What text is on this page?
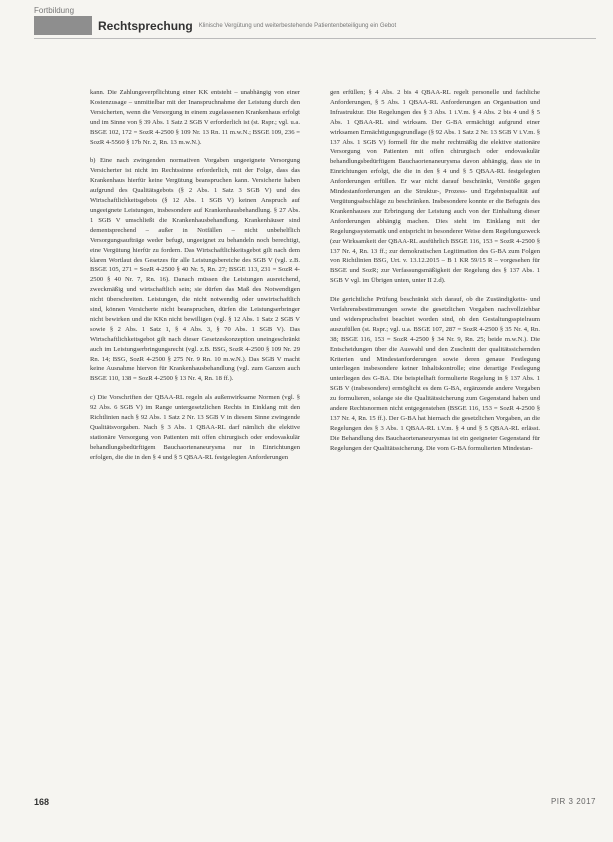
Fortbildung
Rechtsprechung Klinische Vergütung und weiterbestehende Patientenbeteiligung ein Gebot

kann. Die Zahlungsverpflichtung einer KK entsteht – unabhängig von einer Kostenzusage – unmittelbar mit der Inanspruchnahme der Leistung durch den Versicherten, wenn die Versorgung in einem zugelassenen Krankenhaus erfolgt und im Sinne von § 39 Abs. 1 Satz 2 SGB V erforderlich ist (st. Rspr.; vgl. u.a. BSGE 102, 172 = SozR 4-2500 § 109 Nr. 13 Rn. 11 m.w.N.; BSGE 109, 236 = SozR 4-5560 § 17b Nr. 2, Rn. 13 m.w.N.).

b) Eine nach zwingenden normativen Vorgaben ungeeignete Versorgung Versicherter ist nicht im Rechtssinne erforderlich, mit der Folge, dass das Krankenhaus hierfür keine Vergütung beanspruchen kann. Versicherte haben aufgrund des Qualitätsgebots (§ 2 Abs. 1 Satz 3 SGB V) und des Wirtschaftlichkeitsgebots (§ 12 Abs. 1 SGB V) keinen Anspruch auf ungeeignete Leistungen, insbesondere auf Krankenhausbehandlung. § 27 Abs. 1 SGB V umschließt die Krankenhausbehandlung. Krankenhäuser sind dementsprechend – außer in Notfällen – nicht unbehelflich Versorgungsaufträge weder befugt, ungeeignet zu behandeln noch berechtigt, eine Vergütung hierfür zu fordern. Das Wirtschaftlichkeitsgebot gilt nach dem klaren Wortlaut des Gesetzes für alle Leistungsbereiche des SGB V (vgl. z.B. BSGE 105, 271 = SozR 4-2500 § 40 Nr. 5, Rn. 27; BSGE 113, 231 = SozR 4-2500 § 40 Nr. 7, Rn. 16). Danach müssen die Leistungen ausreichend, zweckmäßig und wirtschaftlich sein; sie dürfen das Maß des Notwendigen nicht überschreiten. Leistungen, die nicht notwendig oder unwirtschaftlich sind, können Versicherte nicht beanspruchen, dürfen die Leistungserbringer nicht bewirken und die KKn nicht bewilligen (vgl. § 12 Abs. 1 Satz 2 SGB V sowie § 2 Abs. 1 Satz 1, § 4 Abs. 3, § 70 Abs. 1 SGB V). Das Wirtschaftlichkeitsgebot gilt nach dieser Gesetzeskonzeption uneingeschränkt auch im Leistungserbringungsrecht (vgl. z.B. BSG, SozR 4-2500 § 109 Nr. 29 Rn. 14; BSG, SozR 4-2500 § 275 Nr. 9 Rn. 10 m.w.N.). Das SGB V macht keine Ausnahme hiervon für Krankenhausbehandlung (vgl. zum Ganzen auch BSGE 110, 138 = SozR 4-2500 § 13 Nr. 4, Rn. 18 ff.).

c) Die Vorschriften der QBAA-RL regeln als außenwirksame Normen (vgl. § 92 Abs. 6 SGB V) im Range untergesetzlichen Rechts in Einklang mit den Richtlinien nach § 92 Abs. 1 Satz 2 Nr. 13 SGB V in diesem Sinne zwingende Qualitätsvorgaben. Nach § 3 Abs. 1 QBAA-RL darf nämlich die elektive stationäre Versorgung von Patienten mit offen chirurgisch oder endovaskulär behandlungsbedürftigem Bauchaortenaneurysma nur in Einrichtungen erfolgen, die die in den § 4 und § 5 QBAA-RL festgelegten Anforderungen

gen erfüllen; § 4 Abs. 2 bis 4 QBAA-RL regelt personelle und fachliche Anforderungen, § 5 Abs. 1 QBAA-RL Anforderungen an Organisation und Infrastruktur. Die Regelungen des § 3 Abs. 1 i.V.m. § 4 Abs. 2 bis 4 und § 5 Abs. 1 QBAA-RL sind wirksam. Der G-BA ermächtigt aufgrund einer wirksamen Ermächtigungsgrundlage (§ 92 Abs. 1 Satz 2 Nr. 13 SGB V i.V.m. § 137 Abs. 1 SGB V) formell für die mehr rechtmäßig die elektive stationäre Versorgung von Patienten mit offen chirurgisch oder endovaskulär behandlungsbedürftigem Bauchaortenaneurysma davon abhängig, dass sie in Einrichtungen erfolgt, die die in den § 4 und § 5 QBAA-RL festgelegten Anforderungen erfüllen. Er war nicht darauf beschränkt, Verstöße gegen Mindestanforderungen an die Struktur-, Prozess- und Ergebnisqualität auf Vergütungsabschläge zu beschränken. Insbesondere konnte er die Befugnis des Krankenhauses zur Erbringung der Leistung auch von der Einhaltung dieser Anforderungen abhängig machen. Dies steht im Einklang mit der Regelungssystematik und entspricht in besonderer Weise dem Regelungszweck (zur Wirksamkeit der QBAA-RL ausführlich BSGE 116, 153 = SozR 4-2500 § 137 Nr. 4, Rn. 13 ff.; zur demokratischen Legitimation des G-BA zum Folgen von Richtlinien BSG, Urt. v. 13.12.2015 – B 1 KR 59/15 R – vorgesehen für BSGE und SozR; zur Verfassungsmäßigkeit der Regelung des § 137 Abs. 1 SGB V vgl. im Übrigen unten, unter II 2.d).

Die gerichtliche Prüfung beschränkt sich darauf, ob die Zuständigkeits- und Verfahrensbestimmungen sowie die gesetzlichen Vorgaben nachvollziehbar und widerspruchsfrei beachtet worden sind, ob den Gestaltungsspielraum auszufüllen (st. Rspr.; vgl. u.a. BSGE 107, 287 = SozR 4-2500 § 35 Nr. 4, Rn. 38; BSGE 116, 153 = SozR 4-2500 § 34 Nr. 9, Rn. 25; beide m.w.N.). Die Entscheidungen über die Auswahl und den Zuschnitt der qualitätssichernden Kriterien und Mindestanforderungen sowie deren genaue Festlegung unterliegen insbesondere keiner Inhaltskontrolle; eine derartige Festlegung unterliegen des G-BA. Die beispielhaft formulierte Regelung in § 137 Abs. 1 SGB V (insbesondere) ermöglicht es dem G-BA, ergänzende andere Vorgaben zu formulieren, solange sie die Qualitätssicherung zum Gegenstand haben und andere Rechtsnormen nicht entgegenstehen (BSGE 116, 153 = SozR 4-2500 § 137 Nr. 4, Rn. 15 ff.). Der G-BA hat hiernach die gesetzlichen Vorgaben, an die Regelungen des § 3 Abs. 1 QBAA-RL i.V.m. § 4 und § 5 QBAA-RL erlässt. Die Behandlung des Bauchaortenaneurysmas ist ein geeigneter Gegenstand für Regelungen der Qualitätssicherung. Die vom G-BA formulierten Mindestan-

168	PIR 3 2017
